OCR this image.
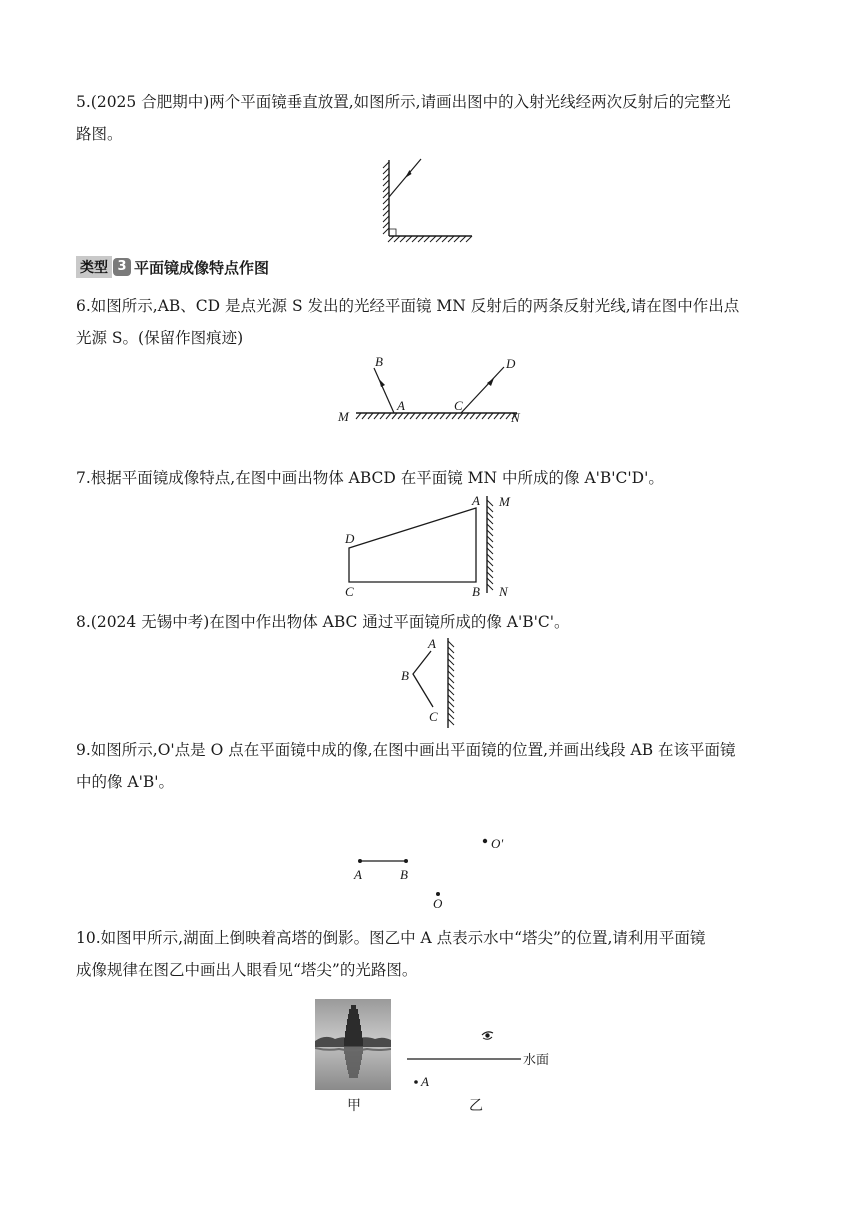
5.(2025 合肥期中)两个平面镜垂直放置,如图所示,请画出图中的入射光线经两次反射后的完整光
路图。
类型 3 平面镜成像特点作图
6.如图所示,AB、CD 是点光源 S 发出的光经平面镜 MN 反射后的两条反射光线,请在图中作出点
光源 S。(保留作图痕迹)
B	D
A	C
M	N
7.根据平面镜成像特点,在图中画出物体 ABCD 在平面镜 MN 中所成的像 A'B'C'D'。
A M
D
C	B N
8.(2024 无锡中考)在图中作出物体 ABC 通过平面镜所成的像 A'B'C'。
A
B
C
9.如图所示,O'点是 O 点在平面镜中成的像,在图中画出平面镜的位置,并画出线段 AB 在该平面镜
中的像 A'B'。
O'
A	B
O
10.如图甲所示,湖面上倒映着高塔的倒影。图乙中 A 点表示水中“塔尖”的位置,请利用平面镜
成像规律在图乙中画出人眼看见“塔尖”的光路图。
甲
水面
A
乙
